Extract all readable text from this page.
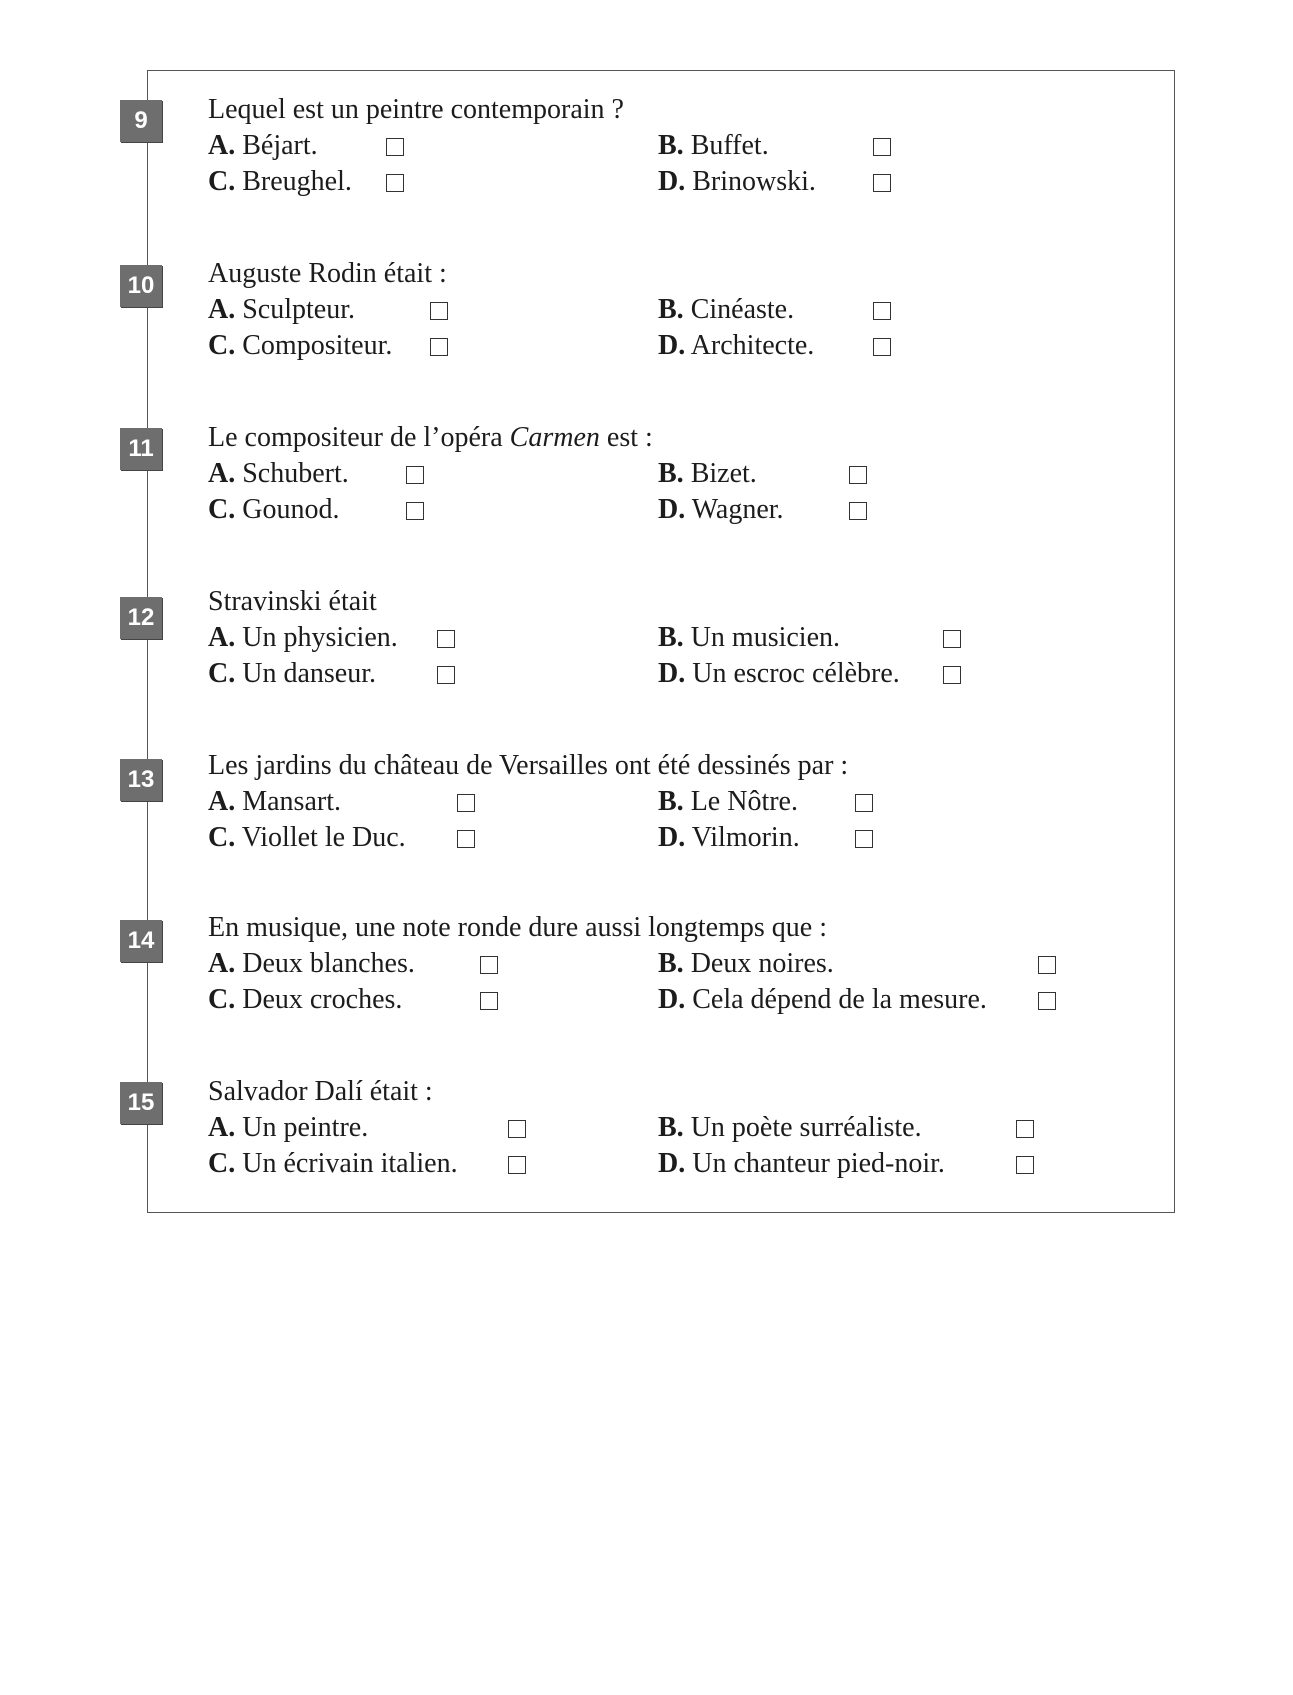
9	Lequel est un peintre contemporain ?
A. Béjart.	B. Buffet.
C. Breughel.	D. Brinowski.
10 Auguste Rodin était :
A. Sculpteur.	B. Cinéaste.
C. Compositeur.	D. Architecte.
11 Le compositeur de l’opéra Carmen est :
A. Schubert.	B. Bizet.
C. Gounod.	D. Wagner.
12
Stravinski était
A. Un physicien.	B. Un musicien.
C. Un danseur.	D. Un escroc célèbre.
13 Les jardins du château de Versailles ont été dessinés par :
A. Mansart.	B. Le Nôtre.
C. Viollet le Duc.	D. Vilmorin.
14 En musique, une note ronde dure aussi longtemps que :
A. Deux blanches.	B. Deux noires.
C. Deux croches.	D. Cela dépend de la mesure.
15 Salvador Dalí était :
A. Un peintre.	B. Un poète surréaliste.
C. Un écrivain italien.	D. Un chanteur pied-noir.
